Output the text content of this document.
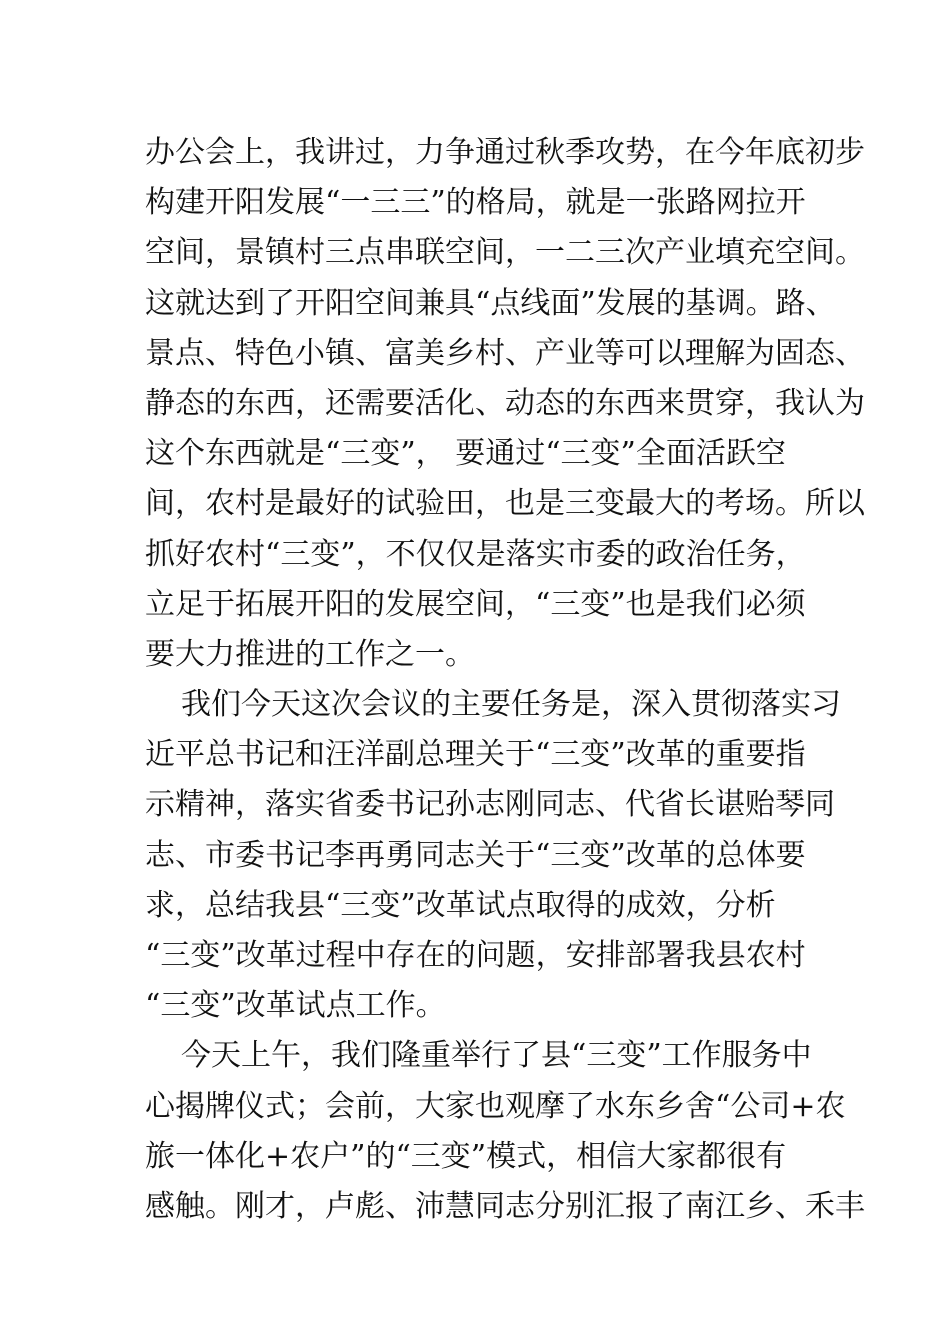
办公会上，我讲过，力争通过秋季攻势，在今年底初步
构建开阳发展“一三三”的格局，就是一张路网拉开
空间，景镇村三点串联空间，一二三次产业填充空间。
这就达到了开阳空间兼具“点线面”发展的基调。路、
景点、特色小镇、富美乡村、产业等可以理解为固态、
静态的东西，还需要活化、动态的东西来贯穿，我认为
这个东西就是“三变”， 要通过“三变”全面活跃空
间，农村是最好的试验田，也是三变最大的考场。所以
抓好农村“三变”，不仅仅是落实市委的政治任务，
立足于拓展开阳的发展空间，“三变”也是我们必须
要大力推进的工作之一。
我们今天这次会议的主要任务是，深入贯彻落实习
近平总书记和汪洋副总理关于“三变”改革的重要指
示精神，落实省委书记孙志刚同志、代省长谌贻琴同
志、市委书记李再勇同志关于“三变”改革的总体要
求，总结我县“三变”改革试点取得的成效，分析
“三变”改革过程中存在的问题，安排部署我县农村
“三变”改革试点工作。
今天上午，我们隆重举行了县“三变”工作服务中
心揭牌仪式；会前，大家也观摩了水东乡舍“公司+农
旅一体化+农户”的“三变”模式，相信大家都很有
感触。刚才，卢彪、沛慧同志分别汇报了南江乡、禾丰
